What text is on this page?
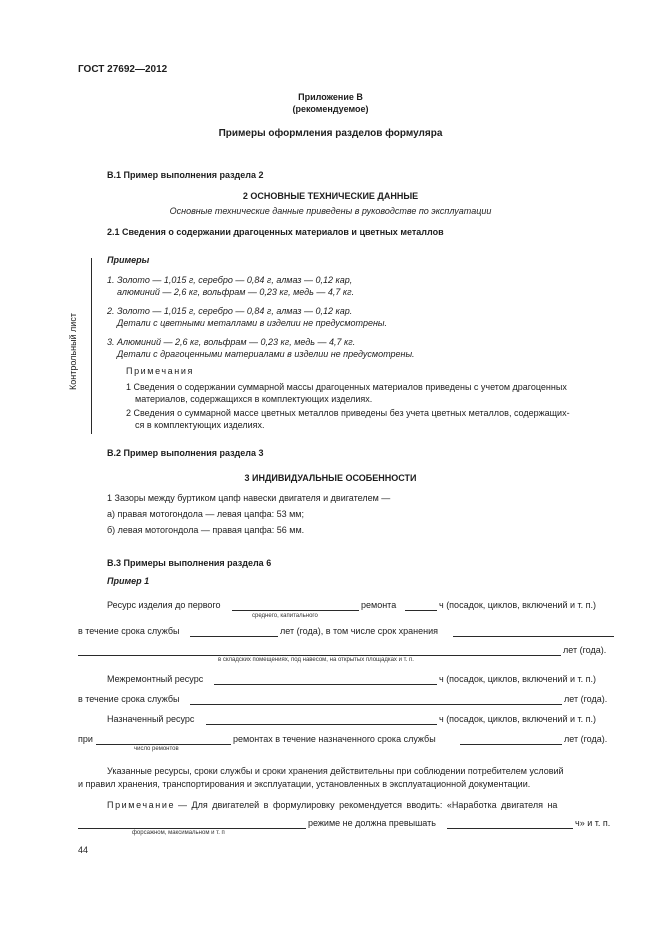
ГОСТ 27692—2012
Приложение В
(рекомендуемое)
Примеры оформления разделов формуляра
Контрольный лист
В.1 Пример выполнения раздела 2
2 ОСНОВНЫЕ ТЕХНИЧЕСКИЕ ДАННЫЕ
Основные технические данные приведены в руководстве по эксплуатации
2.1 Сведения о содержании драгоценных материалов и цветных металлов
Примеры
1. Золото — 1,015 г, серебро — 0,84 г, алмаз — 0,12 кар,
алюминий — 2,6 кг, вольфрам — 0,23 кг, медь — 4,7 кг.
2. Золото — 1,015 г, серебро — 0,84 г, алмаз — 0,12 кар.
Детали с цветными металлами в изделии не предусмотрены.
3. Алюминий — 2,6 кг, вольфрам — 0,23 кг, медь — 4,7 кг.
Детали с драгоценными материалами в изделии не предусмотрены.
Примечания
1 Сведения о содержании суммарной массы драгоценных материалов приведены с учетом драгоценных
материалов, содержащихся в комплектующих изделиях.
2 Сведения о суммарной массе цветных металлов приведены без учета цветных металлов, содержащих-
ся в комплектующих изделиях.
В.2 Пример выполнения раздела 3
3 ИНДИВИДУАЛЬНЫЕ ОСОБЕННОСТИ
1 Зазоры между буртиком цапф навески двигателя и двигателем —
а) правая мотогондола — левая цапфа: 53 мм;
б) левая мотогондола — правая цапфа: 56 мм.
В.3 Примеры выполнения раздела 6
Пример 1
Ресурс изделия до первого	ремонта	ч (посадок, циклов, включений и т. п.)
среднего, капитального
в течение срока службы	лет (года), в том числе срок хранения
лет (года).
в складских помещениях, под навесом, на открытых площадках и т. п.
Межремонтный ресурс	ч (посадок, циклов, включений и т. п.)
в течение срока службы	лет (года).
Назначенный ресурс	ч (посадок, циклов, включений и т. п.)
при	ремонтах в течение назначенного срока службы	лет (года).
число ремонтов
Указанные ресурсы, сроки службы и сроки хранения действительны при соблюдении потребителем условий
и правил хранения, транспортирования и эксплуатации, установленных в эксплуатационной документации.
Примечание — Для двигателей в формулировку рекомендуется вводить: «Наработка двигателя на
режиме не должна превышать	ч» и т. п.
форсажном, максимальном и т. п
44
